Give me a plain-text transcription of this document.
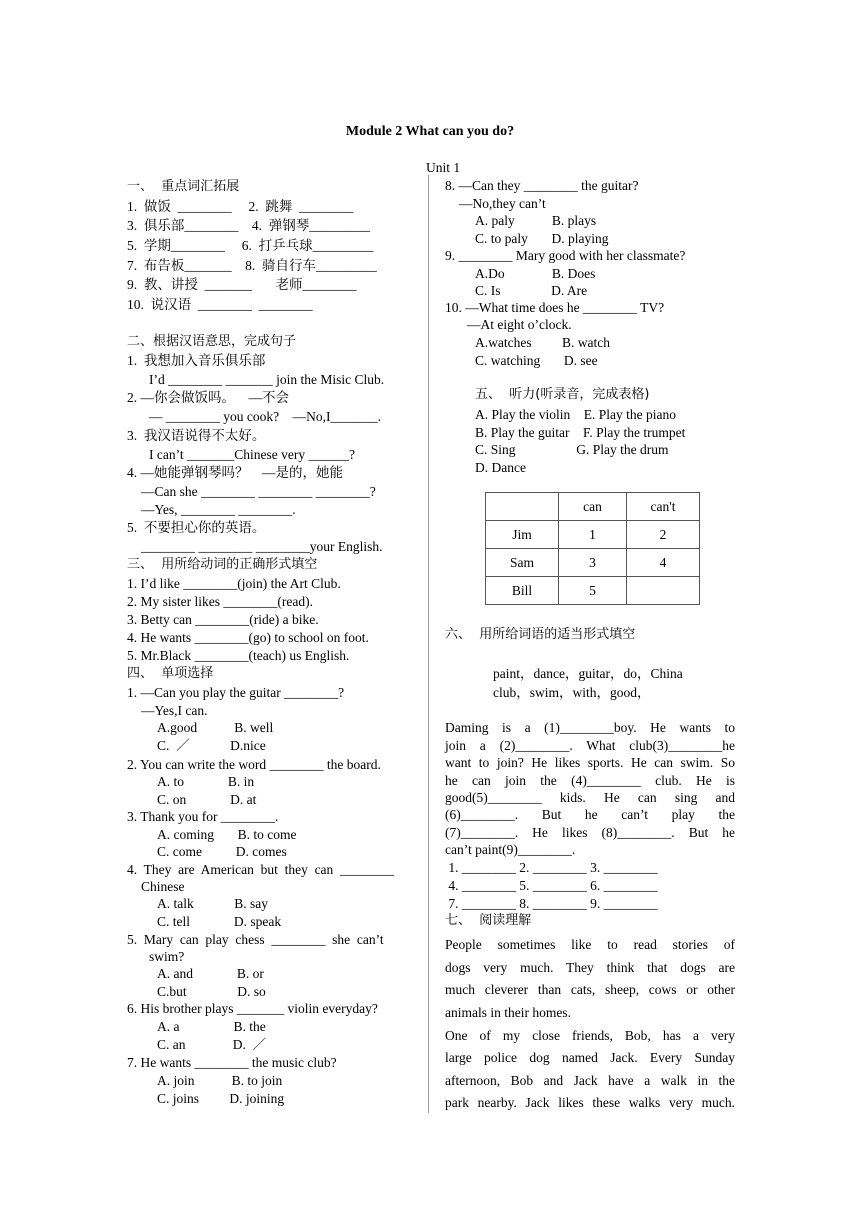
Module 2 What can you do?
Unit 1
一、  重点词汇拓展
1.  做饭  ________     2.  跳舞  ________
3.  俱乐部________    4.  弹钢琴_________
5.  学期________     6.  打乒乓球_________
7.  布告板_______    8.  骑自行车_________
9.  教、讲授  _______       老师________
10.  说汉语  ________  ________
二、根据汉语意思，完成句子
1.  我想加入音乐俱乐部
I’d ________ _______ join the Misic Club.
2. —你会做饭吗。    —不会
— ________ you cook?    —No,I_______.
3.  我汉语说得不太好。
I can’t _______Chinese very ______?
4. —她能弹钢琴吗？    —是的，她能
—Can she ________ ________ ________?
—Yes, ________ ________.
5.  不要担心你的英语。
________ ________ ________your English.
三、  用所给动词的正确形式填空
1. I’d like ________(join) the Art Club.
2. My sister likes ________(read).
3. Betty can ________(ride) a bike.
4. He wants ________(go) to school on foot.
5. Mr.Black ________(teach) us English.
四、  单项选择
1. —Can you play the guitar ________?
—Yes,I can.
A.good           B. well
C.  ／            D.nice
2. You can write the word ________ the board.
A. to             B. in
C. on             D. at
3. Thank you for ________.
A. coming       B. to come
C. come          D. comes
4.  They  are  American  but  they  can  ________
Chinese
A. talk            B. say
C. tell             D. speak
5.  Mary  can  play  chess  ________  she  can’t
swim?
A. and             B. or
C.but               D. so
6. His brother plays _______ violin everyday?
A. a                B. the
C. an              D.  ／
7. He wants ________ the music club?
A. join           B. to join
C. joins         D. joining
8. —Can they ________ the guitar?
—No,they can’t
A. paly           B. plays
C. to paly       D. playing
9. ________ Mary good with her classmate?
A.Do              B. Does
C. Is               D. Are
10. —What time does he ________ TV?
—At eight o’clock.
A.watches         B. watch
C. watching       D. see
五、  听力(听录音，完成表格)
A. Play the violin    E. Play the piano
B. Play the guitar    F. Play the trumpet
C. Sing                  G. Play the drum
D. Dance
六、  用所给词语的适当形式填空
paint，dance，guitar，do，China
club，swim，with，good，
Daming is a (1)________boy. He wants to
join a (2)________. What club(3)________he
want to join? He likes sports. He can swim. So
he can join the (4)________ club. He is
good(5)________ kids. He can sing and
(6)________. But he can’t play the
(7)________. He likes (8)________. But he
can’t paint(9)________.
1. ________ 2. ________ 3. ________
4. ________ 5. ________ 6. ________
7. ________ 8. ________ 9. ________
七、  阅读理解
People sometimes like to read stories of
dogs very much. They think that dogs are
much cleverer than cats, sheep, cows or other
animals in their homes.
One of my close friends, Bob, has a very
large police dog named Jack. Every Sunday
afternoon, Bob and Jack have a walk in the
park nearby. Jack likes these walks very much.
	can	can't
Jim	1	2
Sam	3	4
Bill	5	
